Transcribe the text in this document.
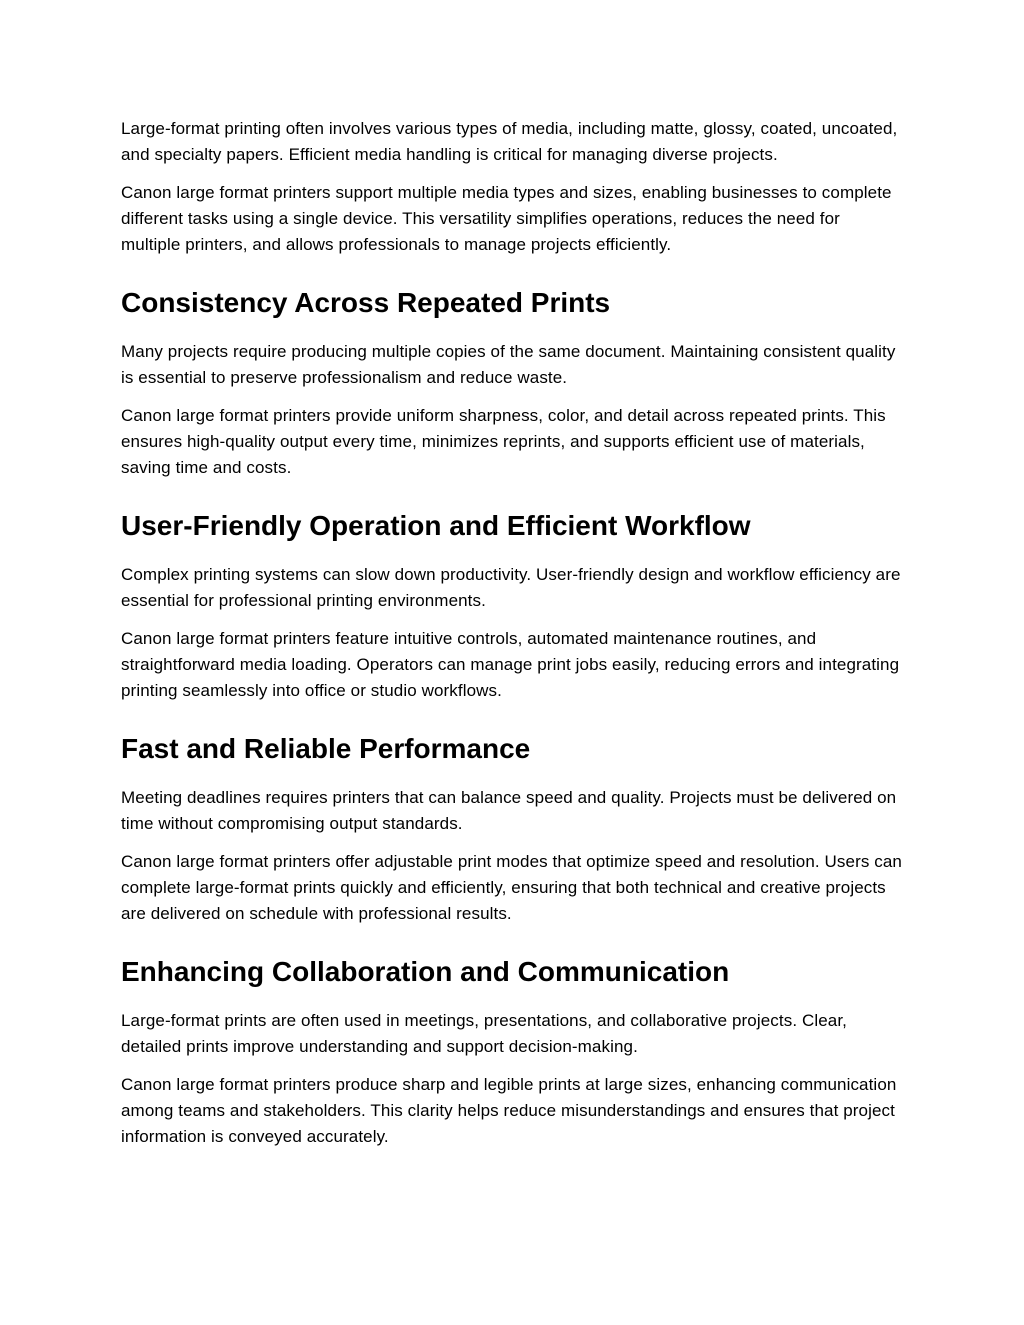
Large-format printing often involves various types of media, including matte, glossy, coated, uncoated, and specialty papers. Efficient media handling is critical for managing diverse projects.

Canon large format printers support multiple media types and sizes, enabling businesses to complete different tasks using a single device. This versatility simplifies operations, reduces the need for multiple printers, and allows professionals to manage projects efficiently.

Consistency Across Repeated Prints

Many projects require producing multiple copies of the same document. Maintaining consistent quality is essential to preserve professionalism and reduce waste.

Canon large format printers provide uniform sharpness, color, and detail across repeated prints. This ensures high-quality output every time, minimizes reprints, and supports efficient use of materials, saving time and costs.

User-Friendly Operation and Efficient Workflow

Complex printing systems can slow down productivity. User-friendly design and workflow efficiency are essential for professional printing environments.

Canon large format printers feature intuitive controls, automated maintenance routines, and straightforward media loading. Operators can manage print jobs easily, reducing errors and integrating printing seamlessly into office or studio workflows.

Fast and Reliable Performance

Meeting deadlines requires printers that can balance speed and quality. Projects must be delivered on time without compromising output standards.

Canon large format printers offer adjustable print modes that optimize speed and resolution. Users can complete large-format prints quickly and efficiently, ensuring that both technical and creative projects are delivered on schedule with professional results.

Enhancing Collaboration and Communication

Large-format prints are often used in meetings, presentations, and collaborative projects. Clear, detailed prints improve understanding and support decision-making.

Canon large format printers produce sharp and legible prints at large sizes, enhancing communication among teams and stakeholders. This clarity helps reduce misunderstandings and ensures that project information is conveyed accurately.
